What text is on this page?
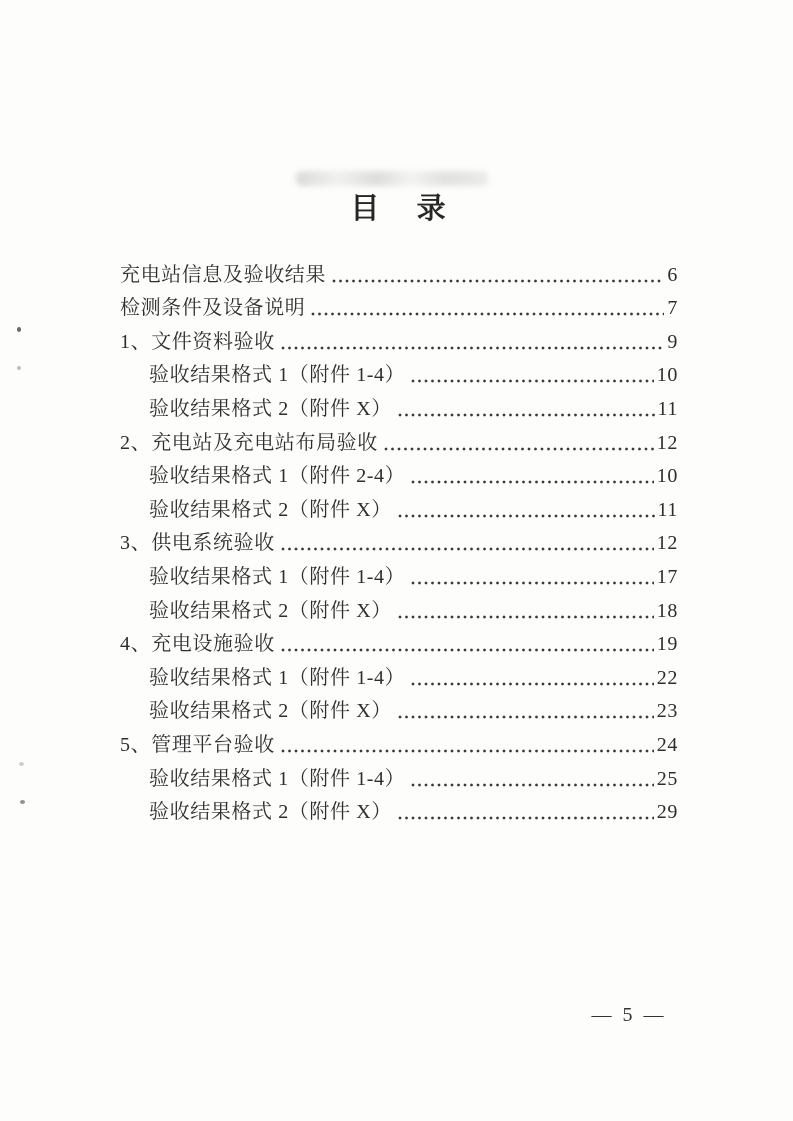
目 录
充电站信息及验收结果	6
检测条件及设备说明	7
1、文件资料验收	9
验收结果格式 1（附件 1-4）	10
验收结果格式 2（附件 X）	11
2、充电站及充电站布局验收	12
验收结果格式 1（附件 2-4）	10
验收结果格式 2（附件 X）	11
3、供电系统验收	12
验收结果格式 1（附件 1-4）	17
验收结果格式 2（附件 X）	18
4、充电设施验收	19
验收结果格式 1（附件 1-4）	22
验收结果格式 2（附件 X）	23
5、管理平台验收	24
验收结果格式 1（附件 1-4）	25
验收结果格式 2（附件 X）	29
— 5 —
